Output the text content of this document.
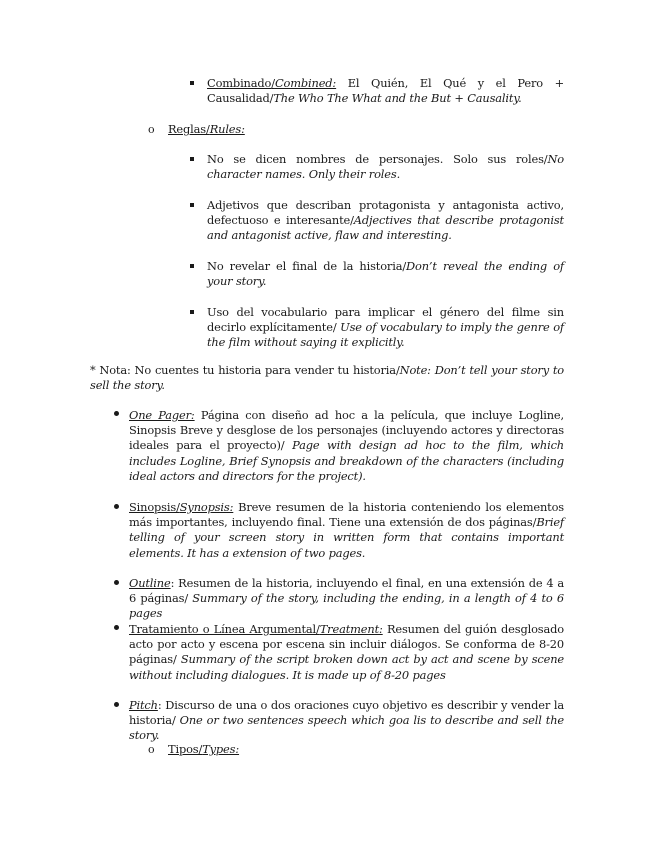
Combinado/Combined: El Quién, El Qué y el Pero + Causalidad/The Who The What and the But + Causality.
o Reglas/Rules:
No se dicen nombres de personajes. Solo sus roles/No character names. Only their roles.
Adjetivos que describan protagonista y antagonista activo, defectuoso e interesante/Adjectives that describe protagonist and antagonist active, flaw and interesting.
No revelar el final de la historia/Don’t reveal the ending of your story.
Uso del vocabulario para implicar el género del filme sin decirlo explícitamente/ Use of vocabulary to imply the genre of the film without saying it explicitly.
* Nota: No cuentes tu historia para vender tu historia/Note: Don’t tell your story to sell the story.
One Pager: Página con diseño ad hoc a la película, que incluye Logline, Sinopsis Breve y desglose de los personajes (incluyendo actores y directoras ideales para el proyecto)/ Page with design ad hoc to the film, which includes Logline, Brief Synopsis and breakdown of the characters (including ideal actors and directors for the project).
Sinopsis/Synopsis: Breve resumen de la historia conteniendo los elementos más importantes, incluyendo final. Tiene una extensión de dos páginas/Brief telling of your screen story in written form that contains important elements. It has a extension of two pages.
Outline: Resumen de la historia, incluyendo el final, en una extensión de 4 a 6 páginas/ Summary of the story, including the ending, in a length of 4 to 6 pages
Tratamiento o Línea Argumental/Treatment: Resumen del guión desglosado acto por acto y escena por escena sin incluir diálogos. Se conforma de 8-20 páginas/ Summary of the script broken down act by act and scene by scene without including dialogues. It is made up of 8-20 pages
Pitch: Discurso de una o dos oraciones cuyo objetivo es describir y vender la historia/ One or two sentences speech which goa lis to describe and sell the story.
o Tipos/Types:
